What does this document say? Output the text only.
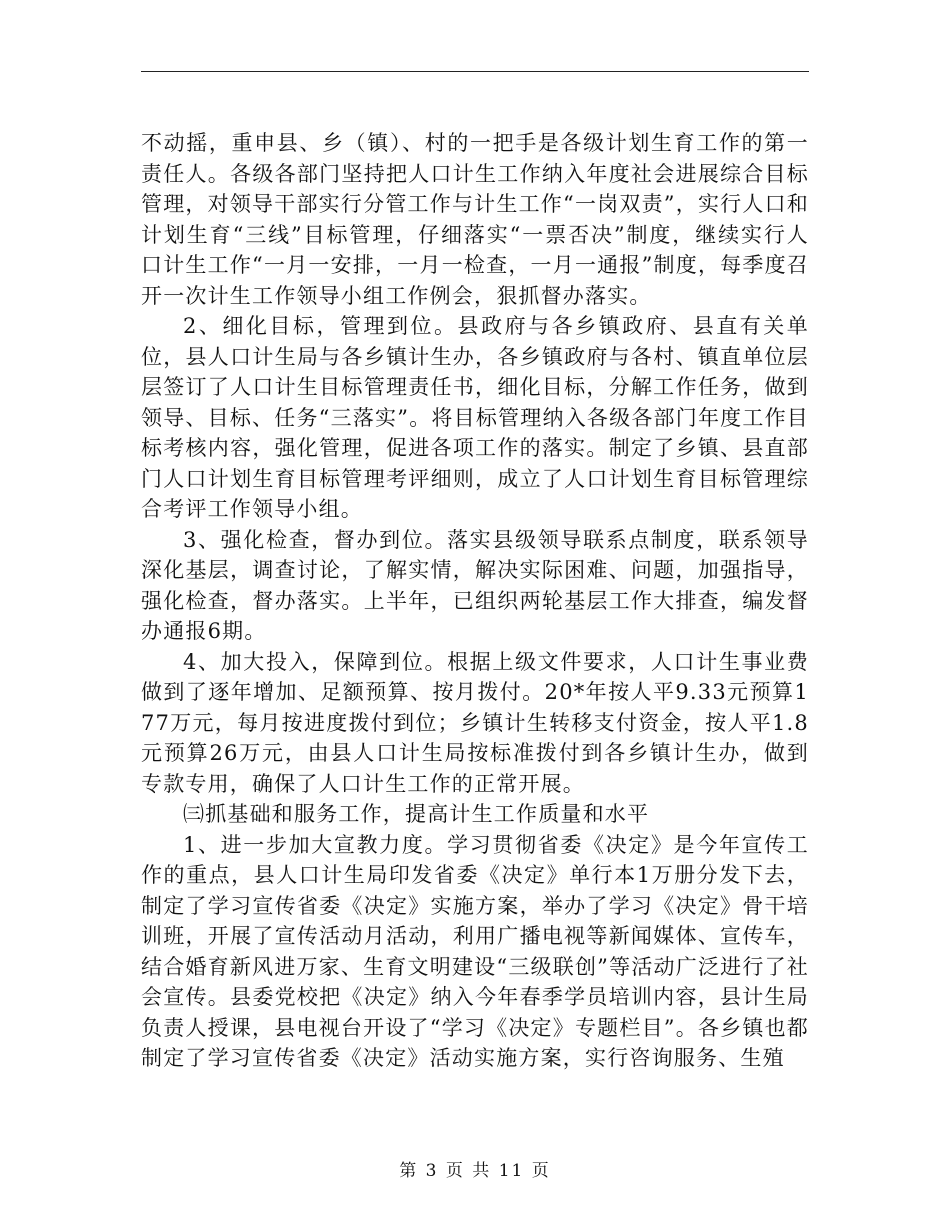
不动摇，重申县、乡（镇）、村的一把手是各级计划生育工作的第一责任人。各级各部门坚持把人口计生工作纳入年度社会进展综合目标管理，对领导干部实行分管工作与计生工作“一岗双责”，实行人口和计划生育“三线”目标管理，仔细落实“一票否决”制度，继续实行人口计生工作“一月一安排，一月一检查，一月一通报”制度，每季度召开一次计生工作领导小组工作例会，狠抓督办落实。

2、细化目标，管理到位。县政府与各乡镇政府、县直有关单位，县人口计生局与各乡镇计生办，各乡镇政府与各村、镇直单位层层签订了人口计生目标管理责任书，细化目标，分解工作任务，做到领导、目标、任务“三落实”。将目标管理纳入各级各部门年度工作目标考核内容，强化管理，促进各项工作的落实。制定了乡镇、县直部门人口计划生育目标管理考评细则，成立了人口计划生育目标管理综合考评工作领导小组。

3、强化检查，督办到位。落实县级领导联系点制度，联系领导深化基层，调查讨论，了解实情，解决实际困难、问题，加强指导，强化检查，督办落实。上半年，已组织两轮基层工作大排查，编发督办通报6期。

4、加大投入，保障到位。根据上级文件要求，人口计生事业费做到了逐年增加、足额预算、按月拨付。20*年按人平9.33元预算177万元，每月按进度拨付到位；乡镇计生转移支付资金，按人平1.8元预算26万元，由县人口计生局按标准拨付到各乡镇计生办，做到专款专用，确保了人口计生工作的正常开展。

㈢抓基础和服务工作，提高计生工作质量和水平

1、进一步加大宣教力度。学习贯彻省委《决定》是今年宣传工作的重点，县人口计生局印发省委《决定》单行本1万册分发下去，制定了学习宣传省委《决定》实施方案，举办了学习《决定》骨干培训班，开展了宣传活动月活动，利用广播电视等新闻媒体、宣传车，结合婚育新风进万家、生育文明建设“三级联创”等活动广泛进行了社会宣传。县委党校把《决定》纳入今年春季学员培训内容，县计生局负责人授课，县电视台开设了“学习《决定》专题栏目”。各乡镇也都制定了学习宣传省委《决定》活动实施方案，实行咨询服务、生殖

第 3 页 共 11 页
